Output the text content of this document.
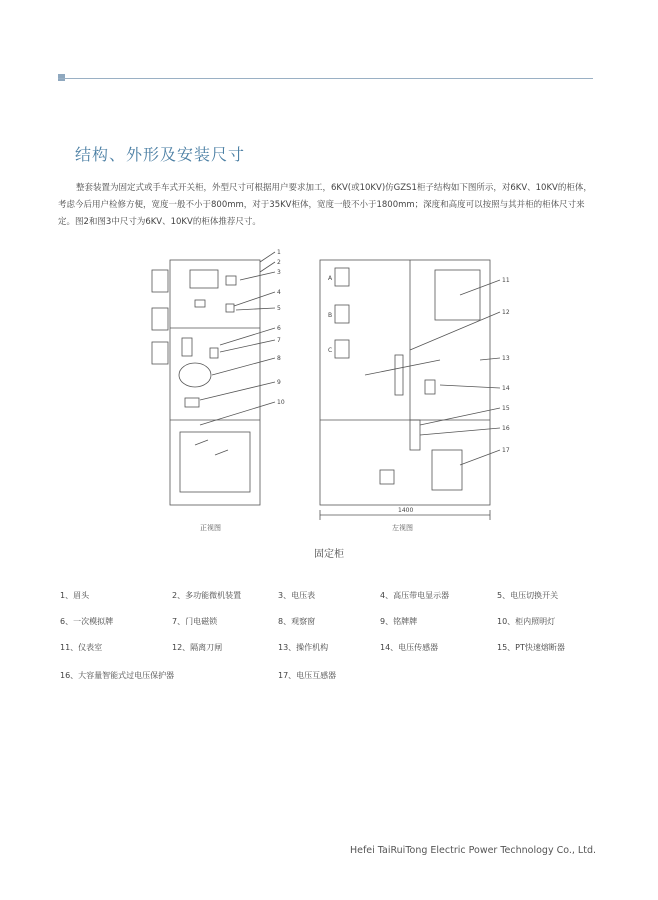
结构、外形及安装尺寸
整套装置为固定式或手车式开关柜，外型尺寸可根据用户要求加工，6KV(或10KV)仿GZS1柜子结构如下图所示，对6KV、10KV的柜体，考虑今后用户检修方便，宽度一般不小于800mm，对于35KV柜体，宽度一般不小于1800mm；深度和高度可以按照与其并柜的柜体尺寸来定。图2和图3中尺寸为6KV、10KV的柜体推荐尺寸。
1
2
3
4
5
6
7
8
9
10
11
12
13
14
15
16
17
A
B
C
1400
正视图	左视图
固定柜
1、眉头	2、多功能微机装置	3、电压表	4、高压带电显示器	5、电压切换开关
6、一次模拟牌	7、门电磁锁	8、观察窗	9、铭牌牌	10、柜内照明灯
11、仪表室	12、隔离刀闸	13、操作机构	14、电压传感器	15、PT快速熔断器
16、大容量智能式过电压保护器	17、电压互感器
Hefei TaiRuiTong Electric Power Technology Co., Ltd.
